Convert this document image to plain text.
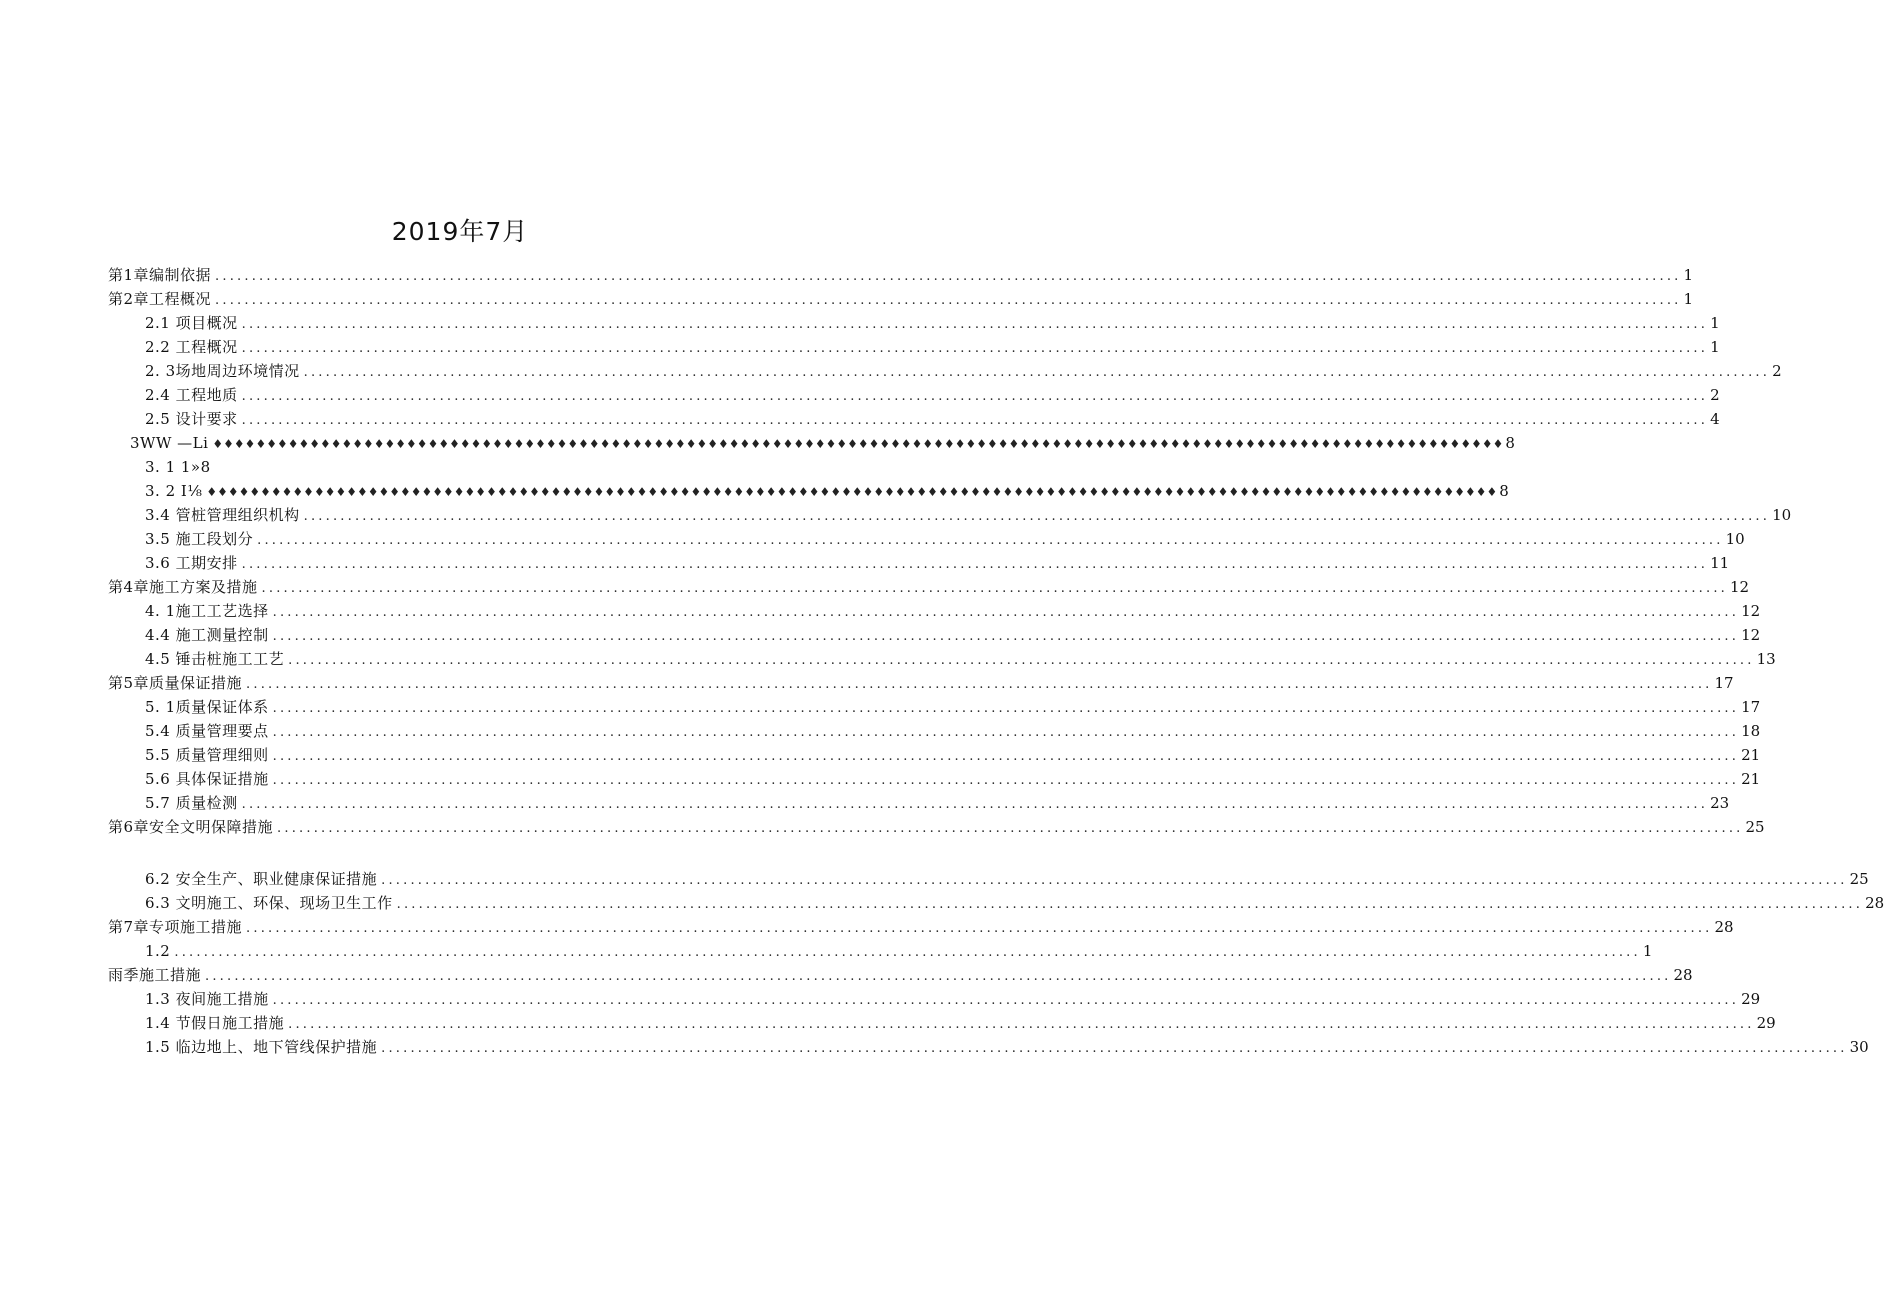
2019年7月
第1章编制依据 ........................................................................................................................................................................................................ 1
第2章工程概况 ........................................................................................................................................................................................................ 1
2.1 项目概况 ........................................................................................................................................................................................................ 1
2.2 工程概况 ........................................................................................................................................................................................................ 1
2. 3场地周边环境情况 ........................................................................................................................................................................................................ 2
2.4 工程地质 ........................................................................................................................................................................................................ 2
2.5 设计要求 ........................................................................................................................................................................................................ 4
3WW —Li ♦♦♦♦♦♦♦♦♦♦♦♦♦♦♦♦♦♦♦♦♦♦♦♦♦♦♦♦♦♦♦♦♦♦♦♦♦♦♦♦♦♦♦♦♦♦♦♦♦♦♦♦♦♦♦♦♦♦♦♦♦♦♦♦♦♦♦♦♦♦♦♦♦♦♦♦♦♦♦♦♦♦♦♦♦♦♦♦♦♦♦♦♦♦♦♦♦♦♦♦♦♦♦♦♦♦♦♦♦♦♦♦♦♦♦♦♦♦♦♦ 8
3. 1 1»8
3. 2 I⅛ ♦♦♦♦♦♦♦♦♦♦♦♦♦♦♦♦♦♦♦♦♦♦♦♦♦♦♦♦♦♦♦♦♦♦♦♦♦♦♦♦♦♦♦♦♦♦♦♦♦♦♦♦♦♦♦♦♦♦♦♦♦♦♦♦♦♦♦♦♦♦♦♦♦♦♦♦♦♦♦♦♦♦♦♦♦♦♦♦♦♦♦♦♦♦♦♦♦♦♦♦♦♦♦♦♦♦♦♦♦♦♦♦♦♦♦♦♦♦♦♦ 8
3.4 管桩管理组织机构 ........................................................................................................................................................................................................ 10
3.5 施工段划分 ........................................................................................................................................................................................................ 10
3.6 工期安排 ........................................................................................................................................................................................................ 11
第4章施工方案及措施 ........................................................................................................................................................................................................ 12
4. 1施工工艺选择 ........................................................................................................................................................................................................ 12
4.4 施工测量控制 ........................................................................................................................................................................................................ 12
4.5 锤击桩施工工艺 ........................................................................................................................................................................................................ 13
第5章质量保证措施 ........................................................................................................................................................................................................ 17
5. 1质量保证体系 ........................................................................................................................................................................................................ 17
5.4 质量管理要点 ........................................................................................................................................................................................................ 18
5.5 质量管理细则 ........................................................................................................................................................................................................ 21
5.6 具体保证措施 ........................................................................................................................................................................................................ 21
5.7 质量检测 ........................................................................................................................................................................................................ 23
第6章安全文明保障措施 ........................................................................................................................................................................................................ 25
6.2 安全生产、职业健康保证措施 ........................................................................................................................................................................................................ 25
6.3 文明施工、环保、现场卫生工作 ........................................................................................................................................................................................................ 28
第7章专项施工措施 ........................................................................................................................................................................................................ 28
1.2 ........................................................................................................................................................................................................ 1
雨季施工措施 ........................................................................................................................................................................................................ 28
1.3 夜间施工措施 ........................................................................................................................................................................................................ 29
1.4 节假日施工措施 ........................................................................................................................................................................................................ 29
1.5 临边地上、地下管线保护措施 ........................................................................................................................................................................................................ 30
